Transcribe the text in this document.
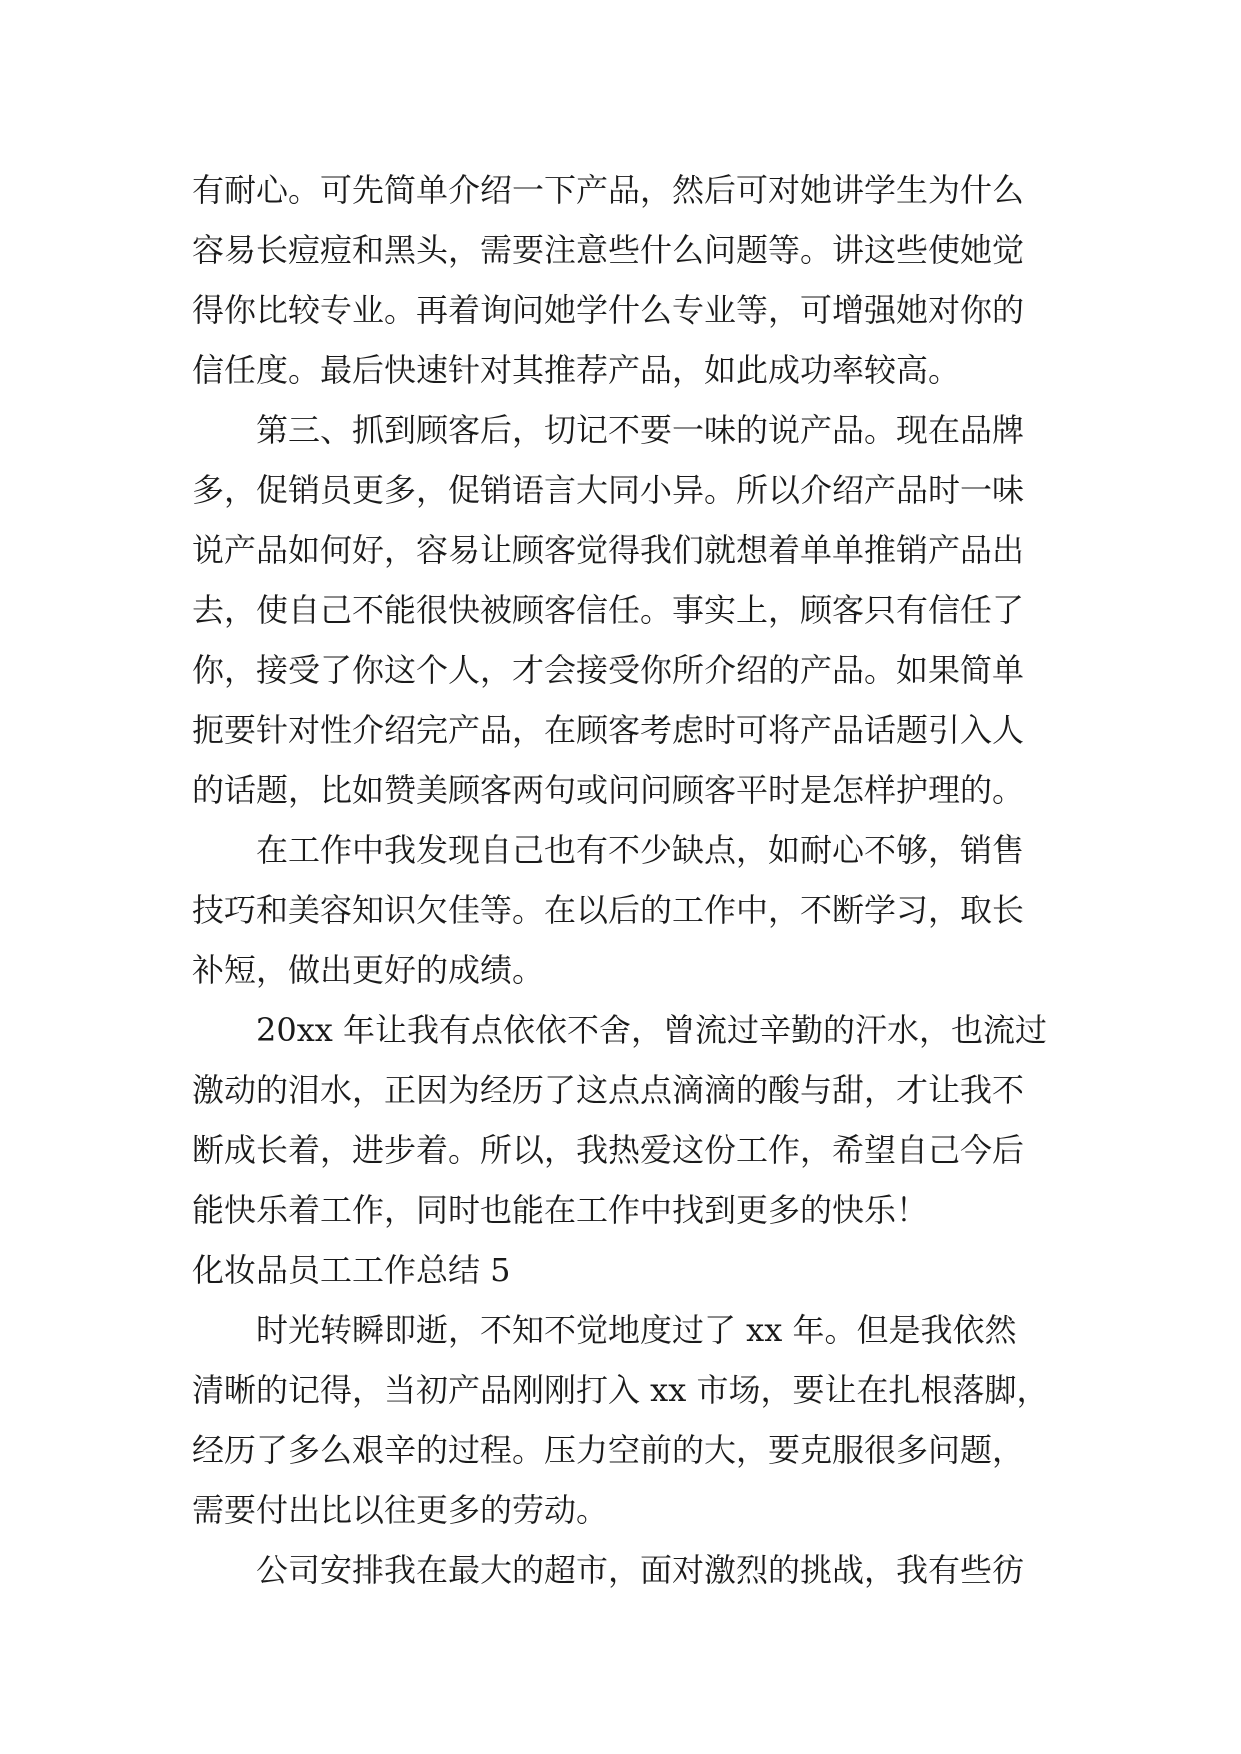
有耐心。可先简单介绍一下产品，然后可对她讲学生为什么
容易长痘痘和黑头，需要注意些什么问题等。讲这些使她觉
得你比较专业。再着询问她学什么专业等，可增强她对你的
信任度。最后快速针对其推荐产品，如此成功率较高。
第三、抓到顾客后，切记不要一味的说产品。现在品牌
多，促销员更多，促销语言大同小异。所以介绍产品时一味
说产品如何好，容易让顾客觉得我们就想着单单推销产品出
去，使自己不能很快被顾客信任。事实上，顾客只有信任了
你，接受了你这个人，才会接受你所介绍的产品。如果简单
扼要针对性介绍完产品，在顾客考虑时可将产品话题引入人
的话题，比如赞美顾客两句或问问顾客平时是怎样护理的。
在工作中我发现自己也有不少缺点，如耐心不够，销售
技巧和美容知识欠佳等。在以后的工作中，不断学习，取长
补短，做出更好的成绩。
20xx 年让我有点依依不舍，曾流过辛勤的汗水，也流过
激动的泪水，正因为经历了这点点滴滴的酸与甜，才让我不
断成长着，进步着。所以，我热爱这份工作，希望自己今后
能快乐着工作，同时也能在工作中找到更多的快乐！
化妆品员工工作总结 5
时光转瞬即逝，不知不觉地度过了 xx 年。但是我依然
清晰的记得，当初产品刚刚打入 xx 市场，要让在扎根落脚，
经历了多么艰辛的过程。压力空前的大，要克服很多问题，
需要付出比以往更多的劳动。
公司安排我在最大的超市，面对激烈的挑战，我有些彷
